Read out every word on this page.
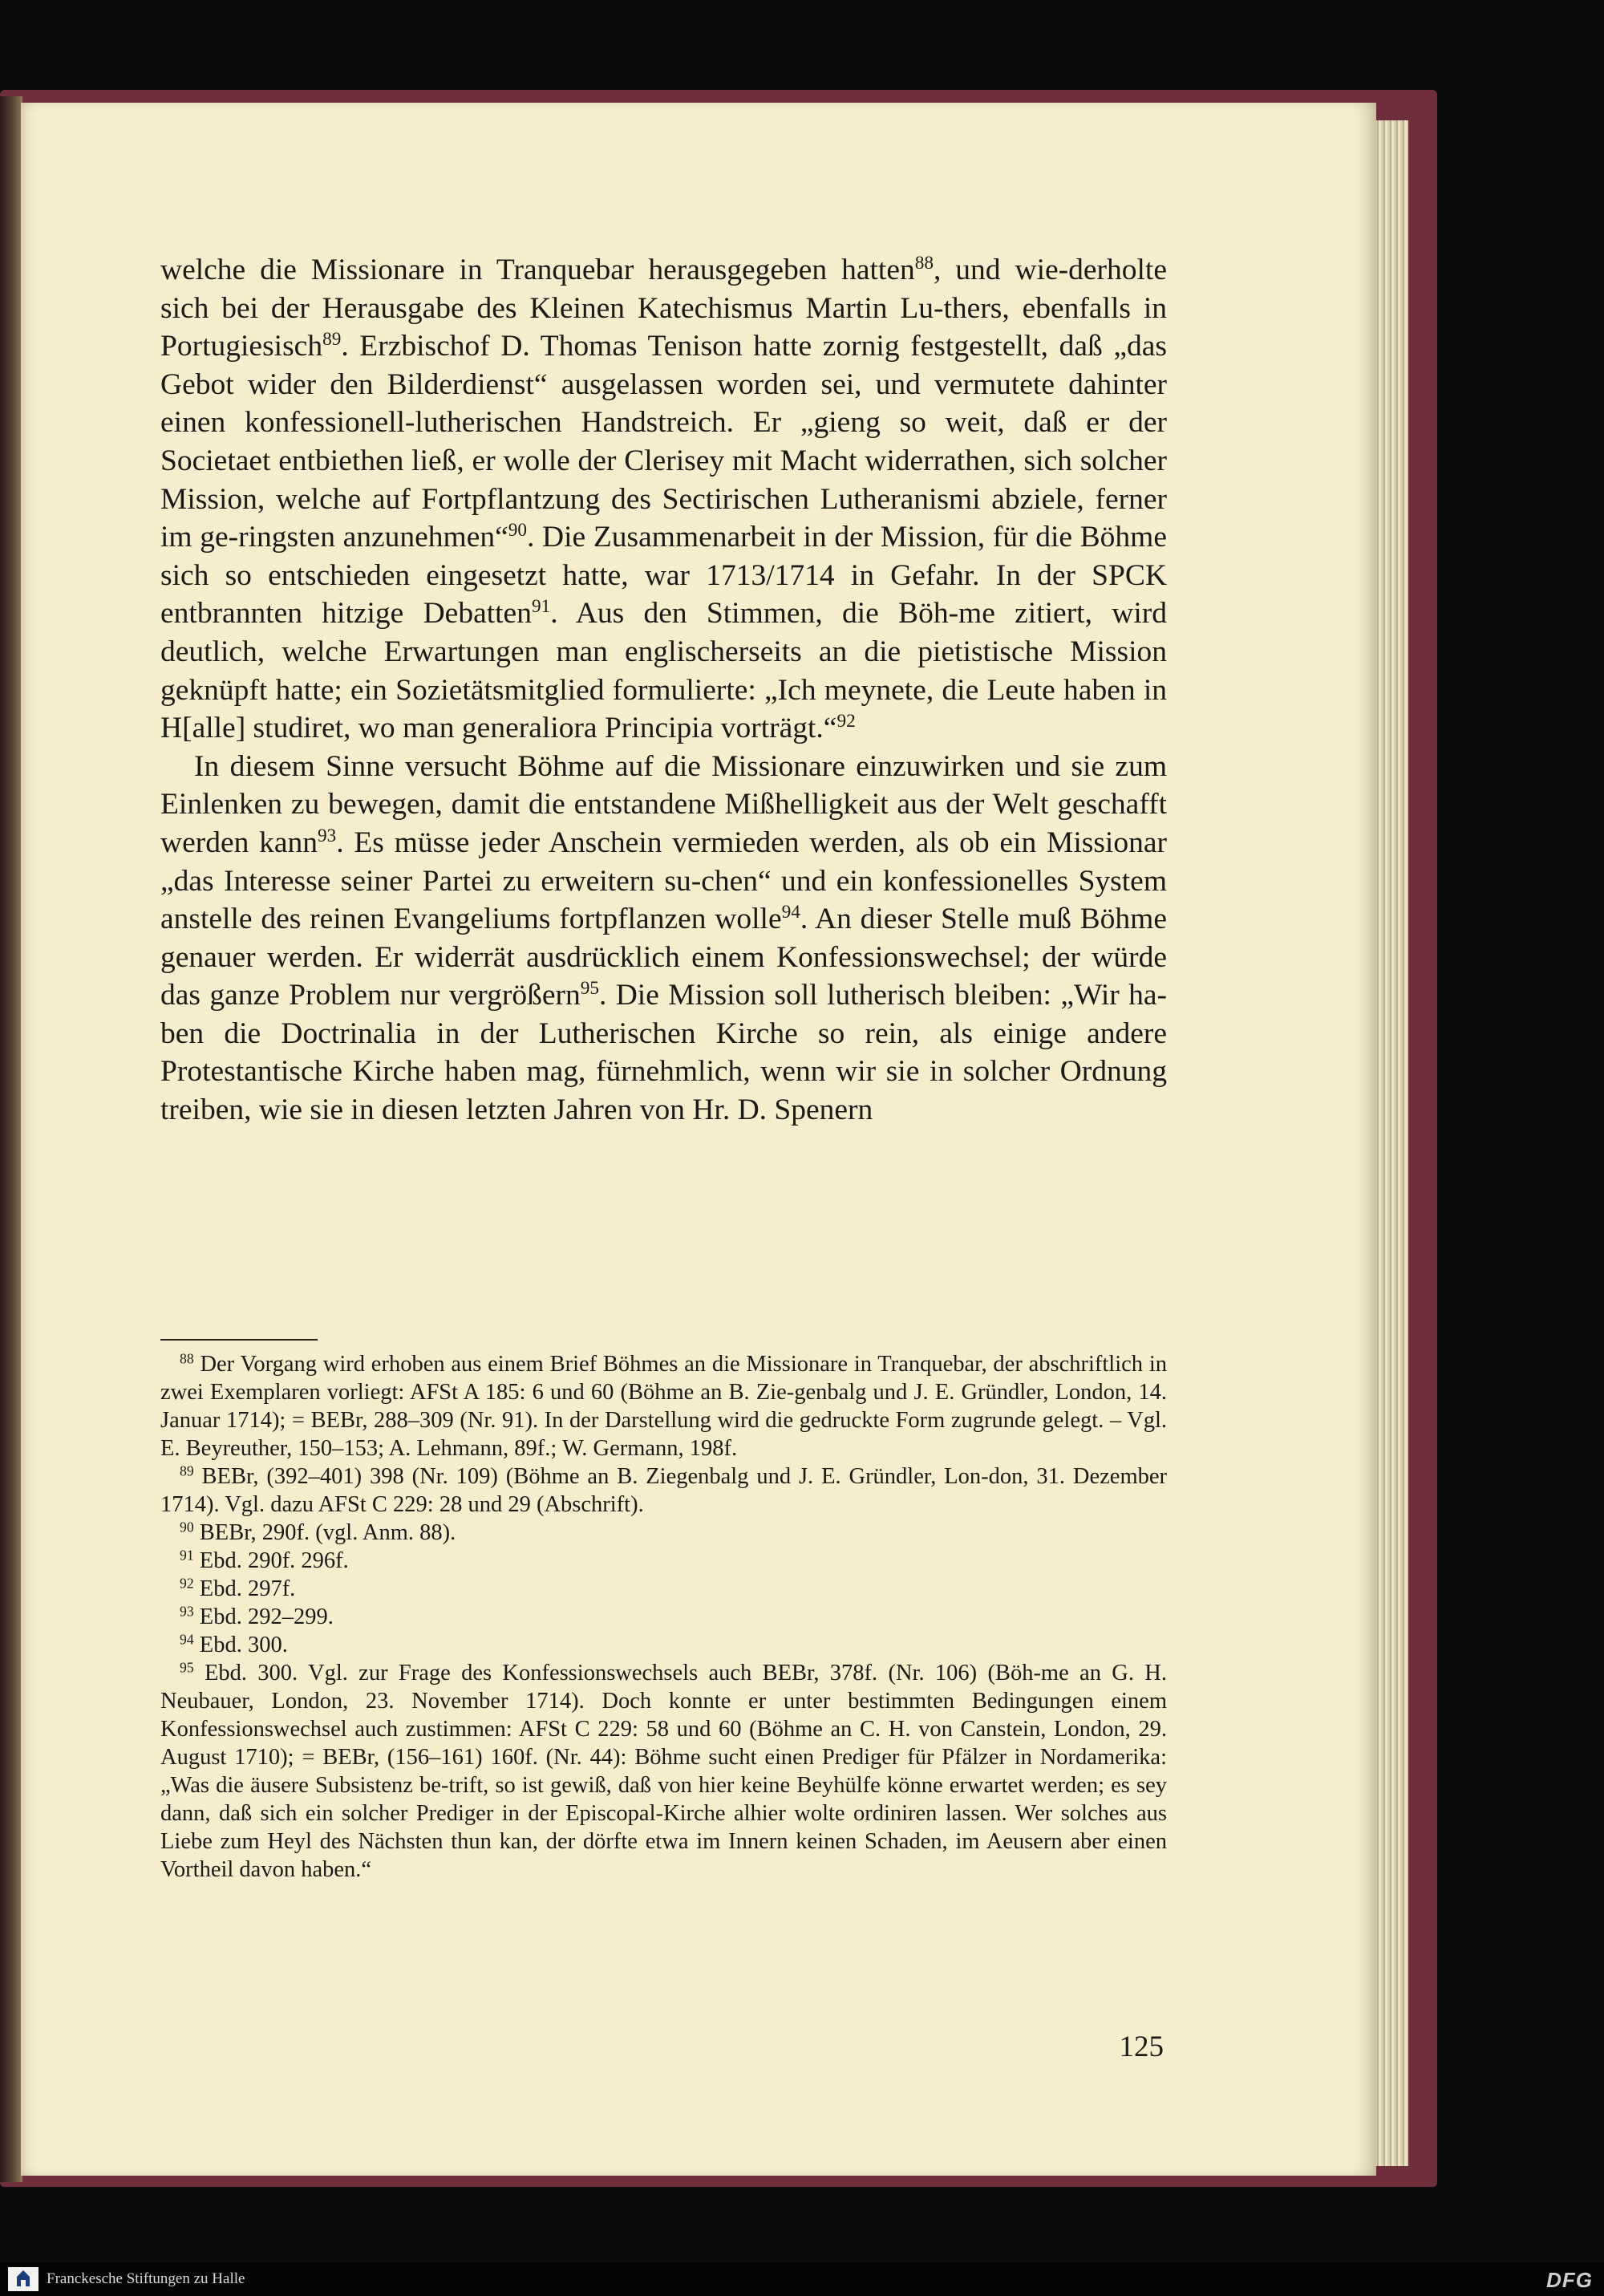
welche die Missionare in Tranquebar herausgegeben hatten$^{88}$, und wie-derholte sich bei der Herausgabe des Kleinen Katechismus Martin Lu-thers, ebenfalls in Portugiesisch$^{89}$. Erzbischof D. Thomas Tenison hatte zornig festgestellt, daß „das Gebot wider den Bilderdienst“ ausgelassen worden sei, und vermutete dahinter einen konfessionell-lutherischen Handstreich. Er „gieng so weit, daß er der Societaet entbiethen ließ, er wolle der Clerisey mit Macht widerrathen, sich solcher Mission, welche auf Fortpflantzung des Sectirischen Lutheranismi abziele, ferner im ge-ringsten anzunehmen“$^{90}$. Die Zusammenarbeit in der Mission, für die Böhme sich so entschieden eingesetzt hatte, war 1713/1714 in Gefahr. In der SPCK entbrannten hitzige Debatten$^{91}$. Aus den Stimmen, die Böh-me zitiert, wird deutlich, welche Erwartungen man englischerseits an die pietistische Mission geknüpft hatte; ein Sozietätsmitglied formulierte: „Ich meynete, die Leute haben in H[alle] studiret, wo man generaliora Principia vorträgt.“$^{92}$

In diesem Sinne versucht Böhme auf die Missionare einzuwirken und sie zum Einlenken zu bewegen, damit die entstandene Mißhelligkeit aus der Welt geschafft werden kann$^{93}$. Es müsse jeder Anschein vermieden werden, als ob ein Missionar „das Interesse seiner Partei zu erweitern su-chen“ und ein konfessionelles System anstelle des reinen Evangeliums fortpflanzen wolle$^{94}$. An dieser Stelle muß Böhme genauer werden. Er widerrät ausdrücklich einem Konfessionswechsel; der würde das ganze Problem nur vergrößern$^{95}$. Die Mission soll lutherisch bleiben: „Wir ha-ben die Doctrinalia in der Lutherischen Kirche so rein, als einige andere Protestantische Kirche haben mag, fürnehmlich, wenn wir sie in solcher Ordnung treiben, wie sie in diesen letzten Jahren von Hr. D. Spenern

$^{88}$ Der Vorgang wird erhoben aus einem Brief Böhmes an die Missionare in Tranquebar, der abschriftlich in zwei Exemplaren vorliegt: AFSt A 185: 6 und 60 (Böhme an B. Zie-genbalg und J. E. Gründler, London, 14. Januar 1714); = BEBr, 288–309 (Nr. 91). In der Darstellung wird die gedruckte Form zugrunde gelegt. – Vgl. E. Beyreuther, 150–153; A. Lehmann, 89f.; W. Germann, 198f.

$^{89}$ BEBr, (392–401) 398 (Nr. 109) (Böhme an B. Ziegenbalg und J. E. Gründler, Lon-don, 31. Dezember 1714). Vgl. dazu AFSt C 229: 28 und 29 (Abschrift).

$^{90}$ BEBr, 290f. (vgl. Anm. 88).

$^{91}$ Ebd. 290f. 296f.

$^{92}$ Ebd. 297f.

$^{93}$ Ebd. 292–299.

$^{94}$ Ebd. 300.

$^{95}$ Ebd. 300. Vgl. zur Frage des Konfessionswechsels auch BEBr, 378f. (Nr. 106) (Böh-me an G. H. Neubauer, London, 23. November 1714). Doch konnte er unter bestimmten Bedingungen einem Konfessionswechsel auch zustimmen: AFSt C 229: 58 und 60 (Böhme an C. H. von Canstein, London, 29. August 1710); = BEBr, (156–161) 160f. (Nr. 44): Böhme sucht einen Prediger für Pfälzer in Nordamerika: „Was die äusere Subsistenz be-trift, so ist gewiß, daß von hier keine Beyhülfe könne erwartet werden; es sey dann, daß sich ein solcher Prediger in der Episcopal-Kirche alhier wolte ordiniren lassen. Wer solches aus Liebe zum Heyl des Nächsten thun kan, der dörfte etwa im Innern keinen Schaden, im Aeusern aber einen Vortheil davon haben.“

125
Franckesche Stiftungen zu Halle	DFG
